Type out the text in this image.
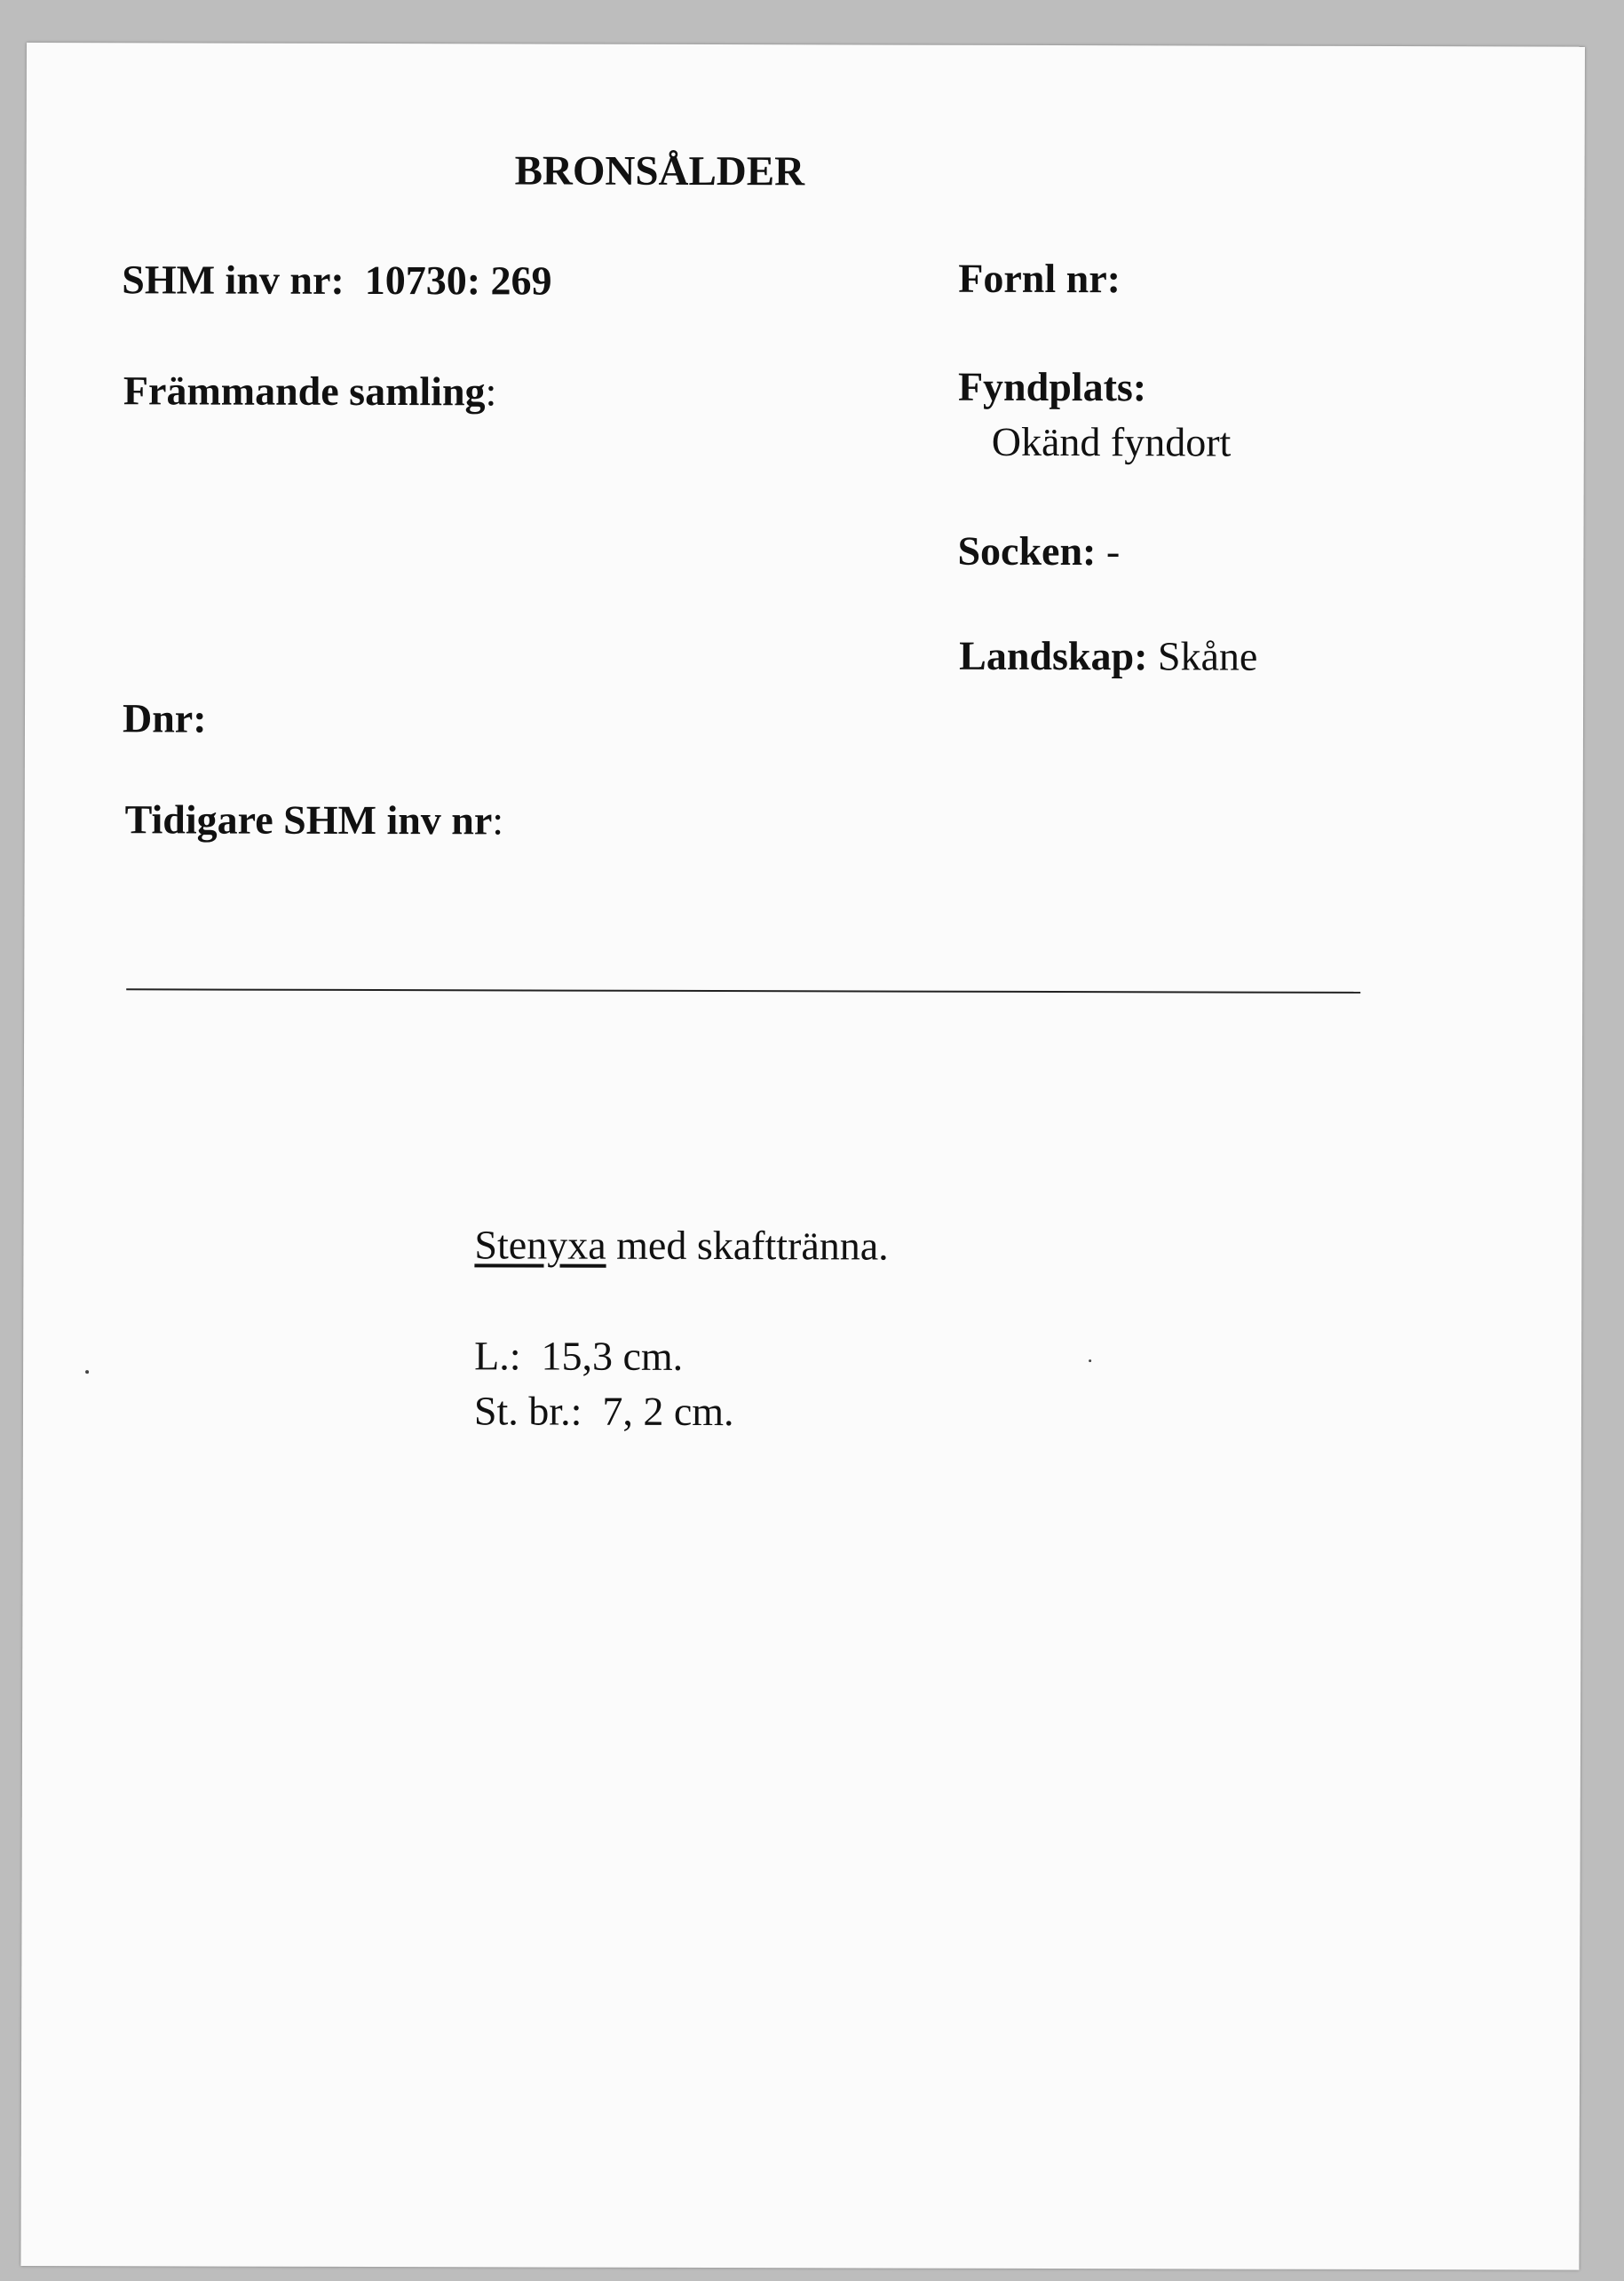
BRONSÅLDER
SHM inv nr: 10730: 269
Främmande samling:
Dnr:
Tidigare SHM inv nr:
Fornl nr:
Fyndplats:
Okänd fyndort
Socken: -
Landskap: Skåne
Stenyxa med skafttränna.
L.: 15,3 cm.
St. br.: 7, 2 cm.
